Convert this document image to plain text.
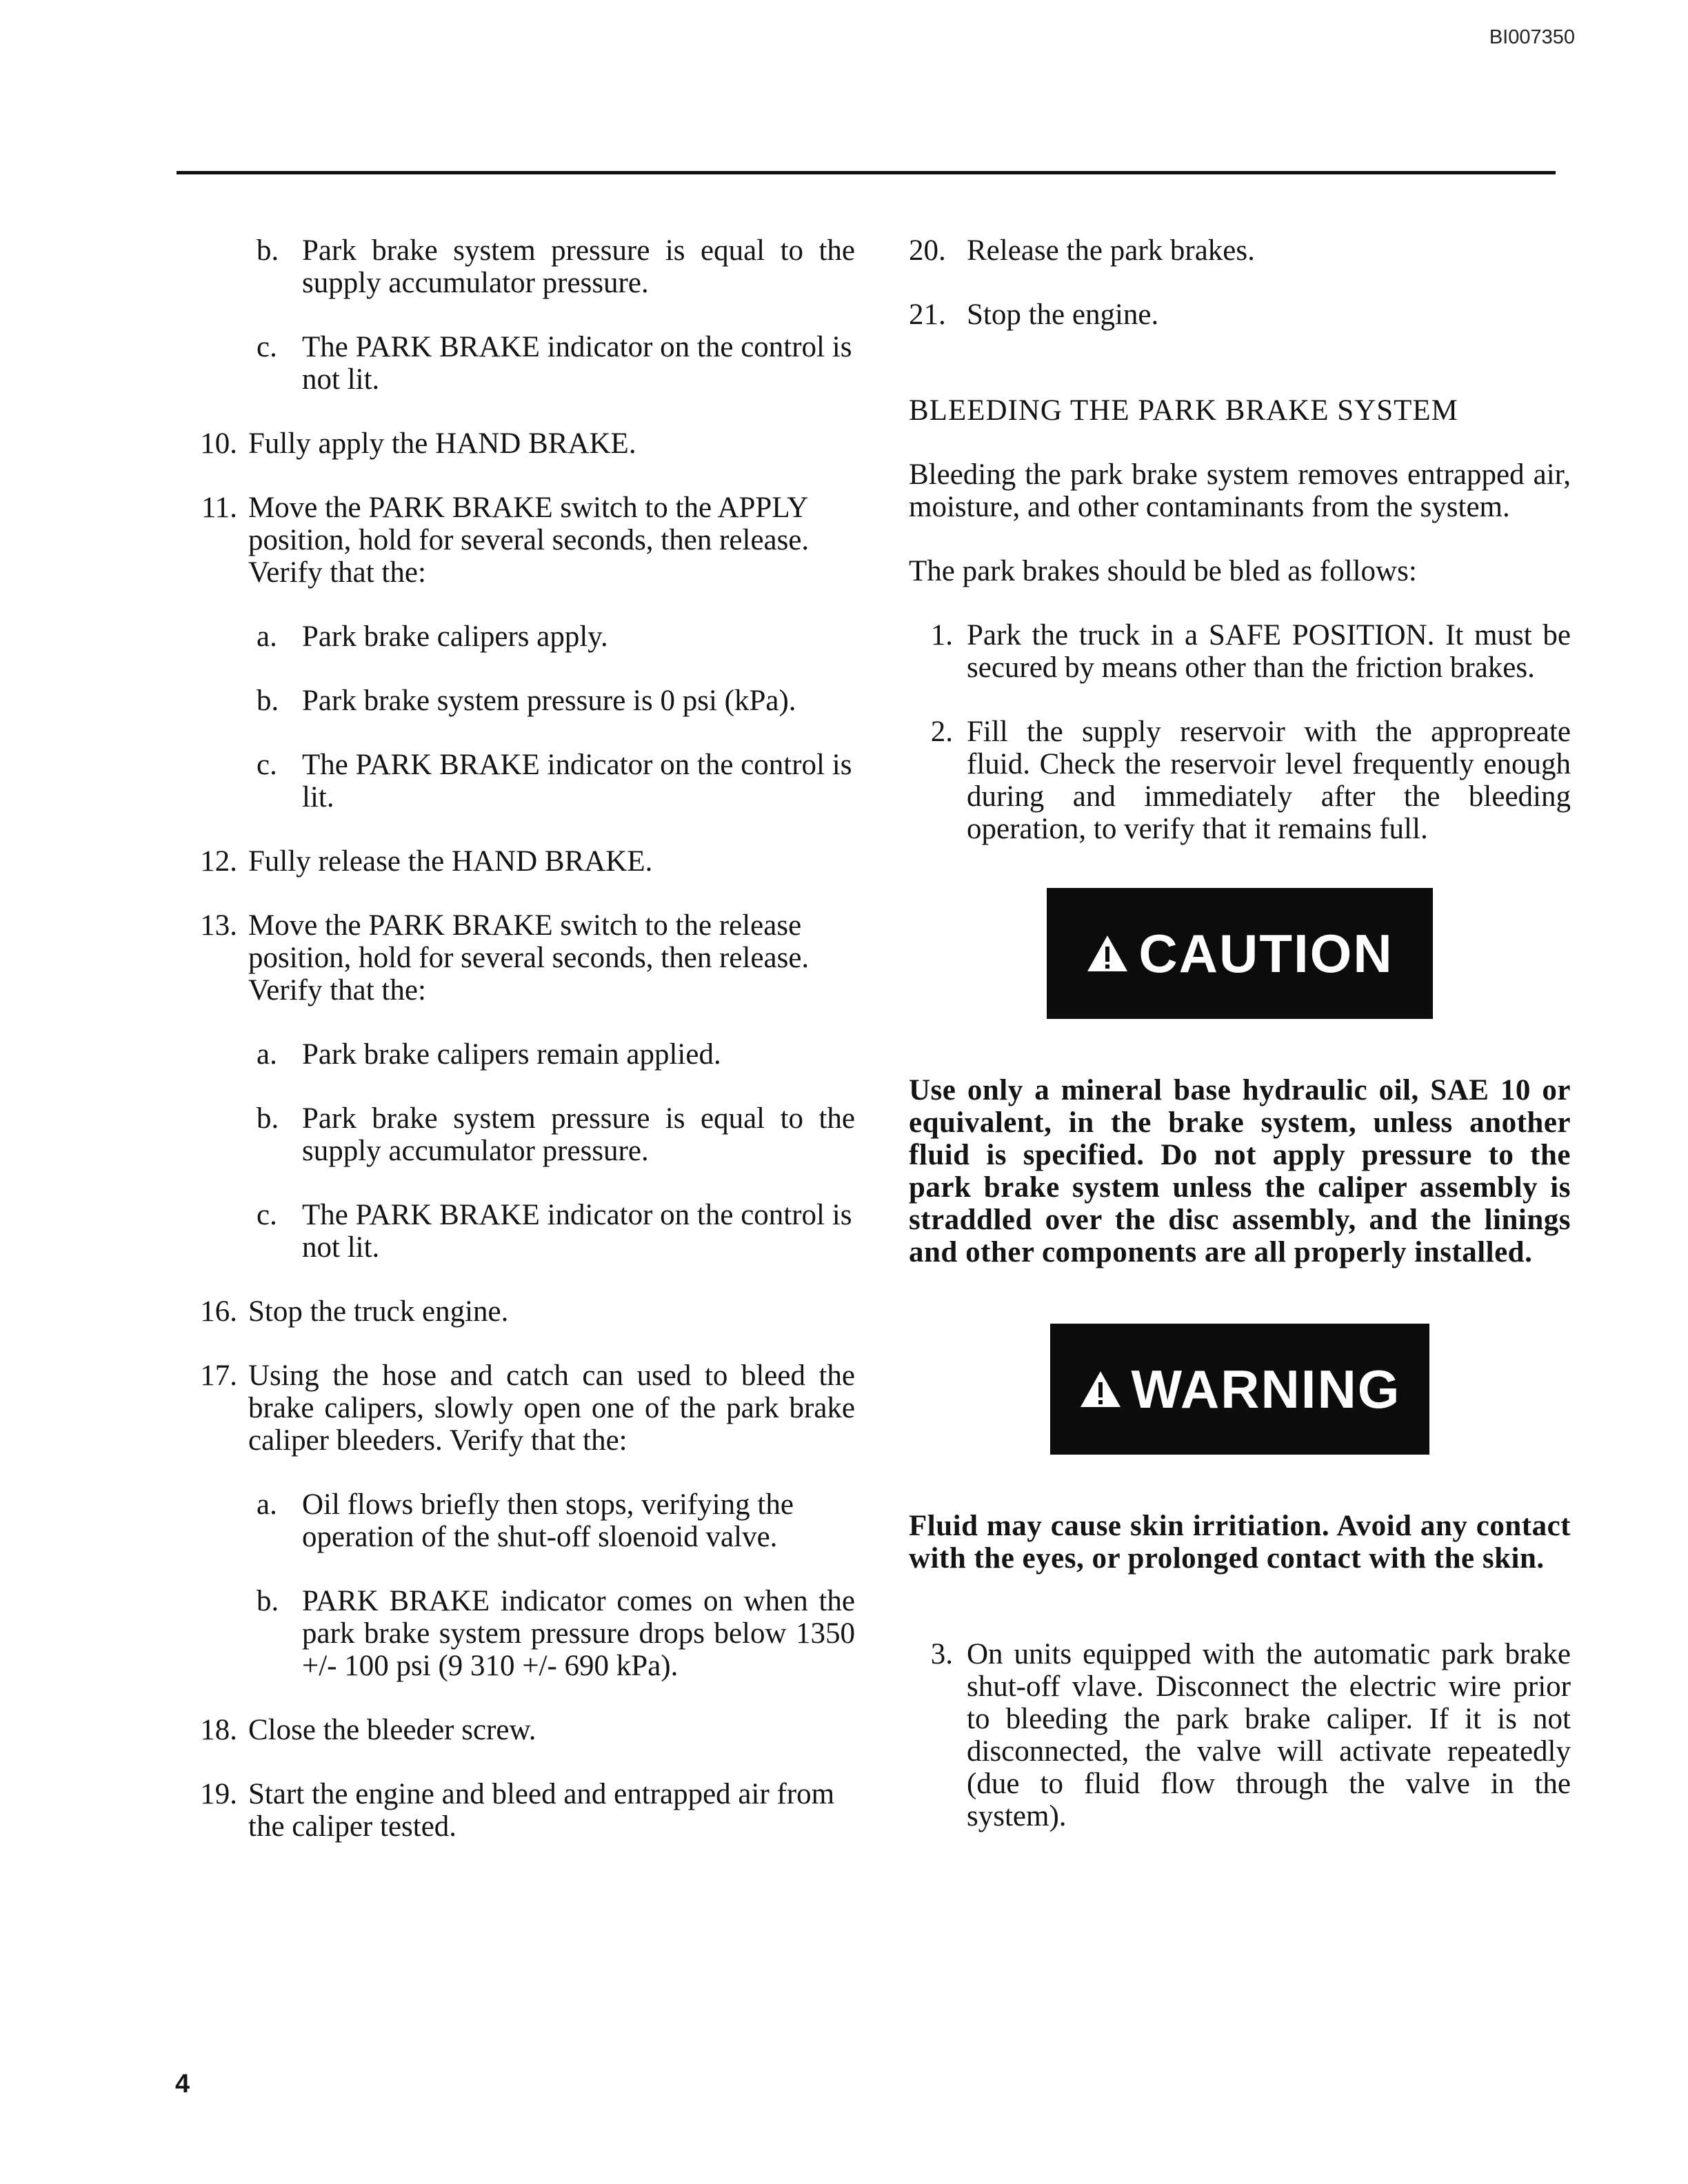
BI007350
b. Park brake system pressure is equal to the supply accumulator pressure.
c. The PARK BRAKE indicator on the control is not lit.
10. Fully apply the HAND BRAKE.
11. Move the PARK BRAKE switch to the APPLY position, hold for several seconds, then release. Verify that the:
a. Park brake calipers apply.
b. Park brake system pressure is 0 psi (kPa).
c. The PARK BRAKE indicator on the control is lit.
12. Fully release the HAND BRAKE.
13. Move the PARK BRAKE switch to the release position, hold for several seconds, then release. Verify that the:
a. Park brake calipers remain applied.
b. Park brake system pressure is equal to the supply accumulator pressure.
c. The PARK BRAKE indicator on the control is not lit.
16. Stop the truck engine.
17. Using the hose and catch can used to bleed the brake calipers, slowly open one of the park brake caliper bleeders. Verify that the:
a. Oil flows briefly then stops, verifying the operation of the shut-off sloenoid valve.
b. PARK BRAKE indicator comes on when the park brake system pressure drops below 1350 +/- 100 psi (9 310 +/- 690 kPa).
18. Close the bleeder screw.
19. Start the engine and bleed and entrapped air from the caliper tested.
20. Release the park brakes.
21. Stop the engine.
BLEEDING THE PARK BRAKE SYSTEM
Bleeding the park brake system removes entrapped air, moisture, and other contaminants from the system.
The park brakes should be bled as follows:
1. Park the truck in a SAFE POSITION. It must be secured by means other than the friction brakes.
2. Fill the supply reservoir with the appropreate fluid. Check the reservoir level frequently enough during and immediately after the bleeding operation, to verify that it remains full.
CAUTION
Use only a mineral base hydraulic oil, SAE 10 or equivalent, in the brake system, unless another fluid is specified. Do not apply pressure to the park brake system unless the caliper assembly is straddled over the disc assembly, and the linings and other components are all properly installed.
WARNING
Fluid may cause skin irritiation. Avoid any contact with the eyes, or prolonged contact with the skin.
3. On units equipped with the automatic park brake shut-off vlave. Disconnect the electric wire prior to bleeding the park brake caliper. If it is not disconnected, the valve will activate repeatedly (due to fluid flow through the valve in the system).
4
